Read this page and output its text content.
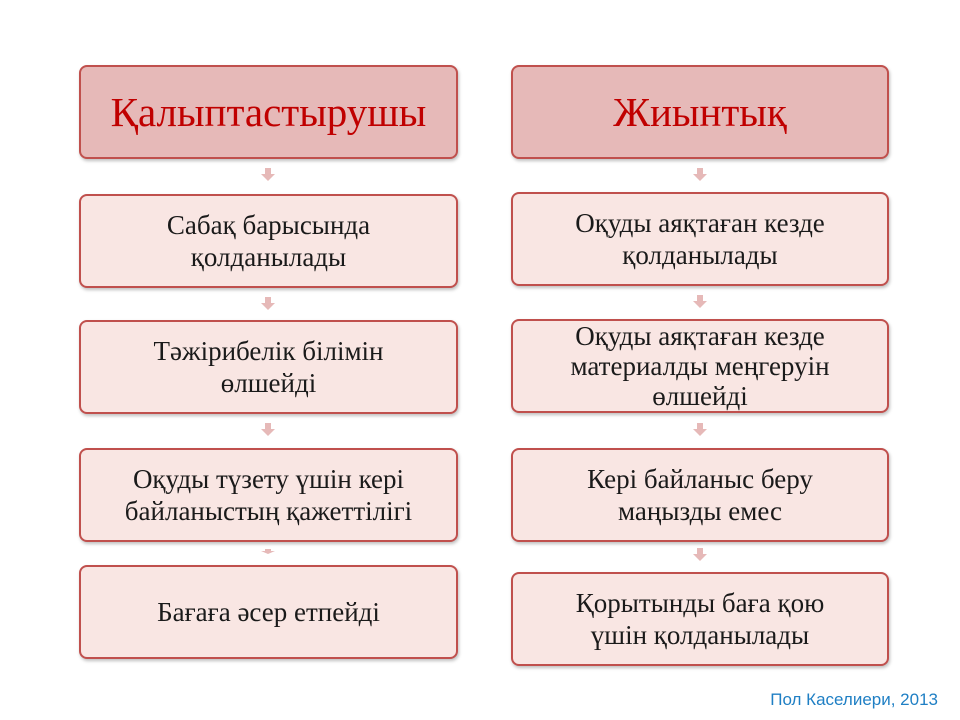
Қалыптастырушы
Сабақ барысында
қолданылады
Тәжірибелік білімін
өлшейді
Оқуды түзету үшін кері
байланыстың қажеттілігі
Бағаға әсер етпейді
Жиынтық
Оқуды аяқтаған кезде
қолданылады
Оқуды аяқтаған кезде
материалды меңгеруін
өлшейді
Кері байланыс беру
маңызды емес
Қорытынды баға қою
үшін қолданылады
Пол Каселиери, 2013
